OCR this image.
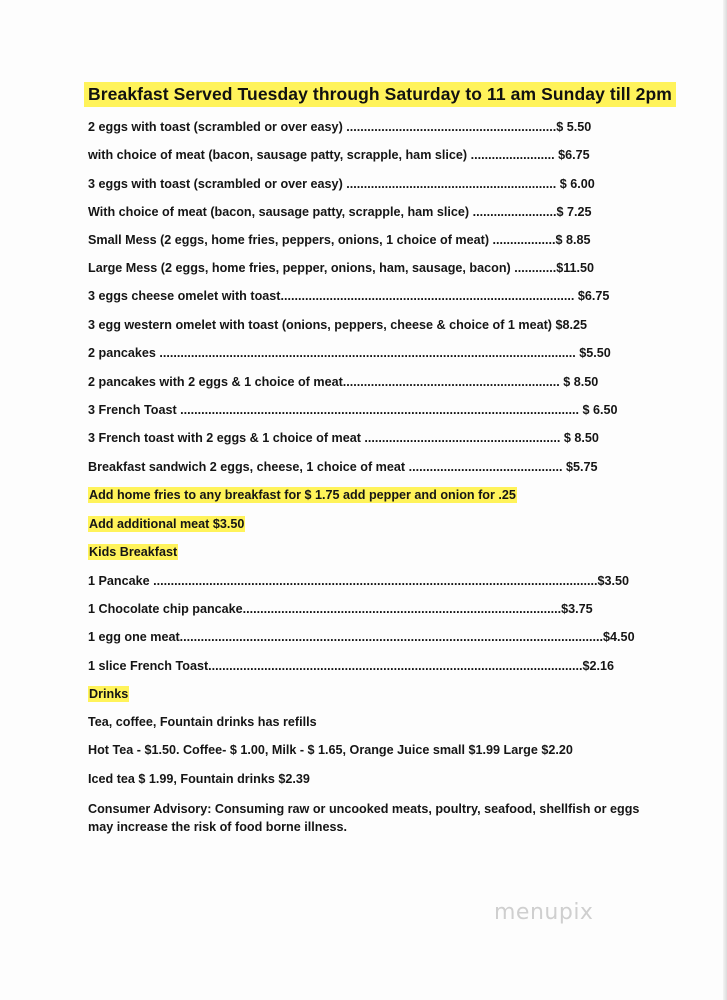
Breakfast Served Tuesday through Saturday to 11 am Sunday till 2pm
2 eggs with toast (scrambled or over easy) ............................................................$ 5.50
with choice of meat (bacon, sausage patty, scrapple, ham slice) ........................ $6.75
3 eggs with toast (scrambled or over easy) ............................................................ $ 6.00
With choice of meat (bacon, sausage patty, scrapple, ham slice) ........................$ 7.25
Small Mess (2 eggs, home fries, peppers, onions, 1 choice of meat) ..................$ 8.85
Large Mess (2 eggs, home fries, pepper, onions, ham, sausage, bacon) ............$11.50
3 eggs cheese omelet with toast.................................................................................... $6.75
3 egg western omelet with toast (onions, peppers, cheese & choice of 1 meat) $8.25
2 pancakes ....................................................................................................................... $5.50
2 pancakes with 2 eggs & 1 choice of meat.............................................................. $ 8.50
3 French Toast .................................................................................................................. $ 6.50
3 French toast with 2 eggs & 1 choice of meat ........................................................ $ 8.50
Breakfast sandwich 2 eggs, cheese, 1 choice of meat ............................................ $5.75
Add home fries to any breakfast for $ 1.75 add pepper and onion for .25
Add additional meat $3.50
Kids Breakfast
1 Pancake ...............................................................................................................................$3.50
1 Chocolate chip pancake...........................................................................................$3.75
1 egg one meat.........................................................................................................................$4.50
1 slice French Toast...........................................................................................................$2.16
Drinks
Tea, coffee, Fountain drinks has refills
Hot Tea - $1.50. Coffee- $ 1.00, Milk - $ 1.65, Orange Juice small $1.99 Large $2.20
Iced tea $ 1.99, Fountain drinks $2.39
Consumer Advisory: Consuming raw or uncooked meats, poultry, seafood, shellfish or eggs may increase the risk of food borne illness.
menupix
